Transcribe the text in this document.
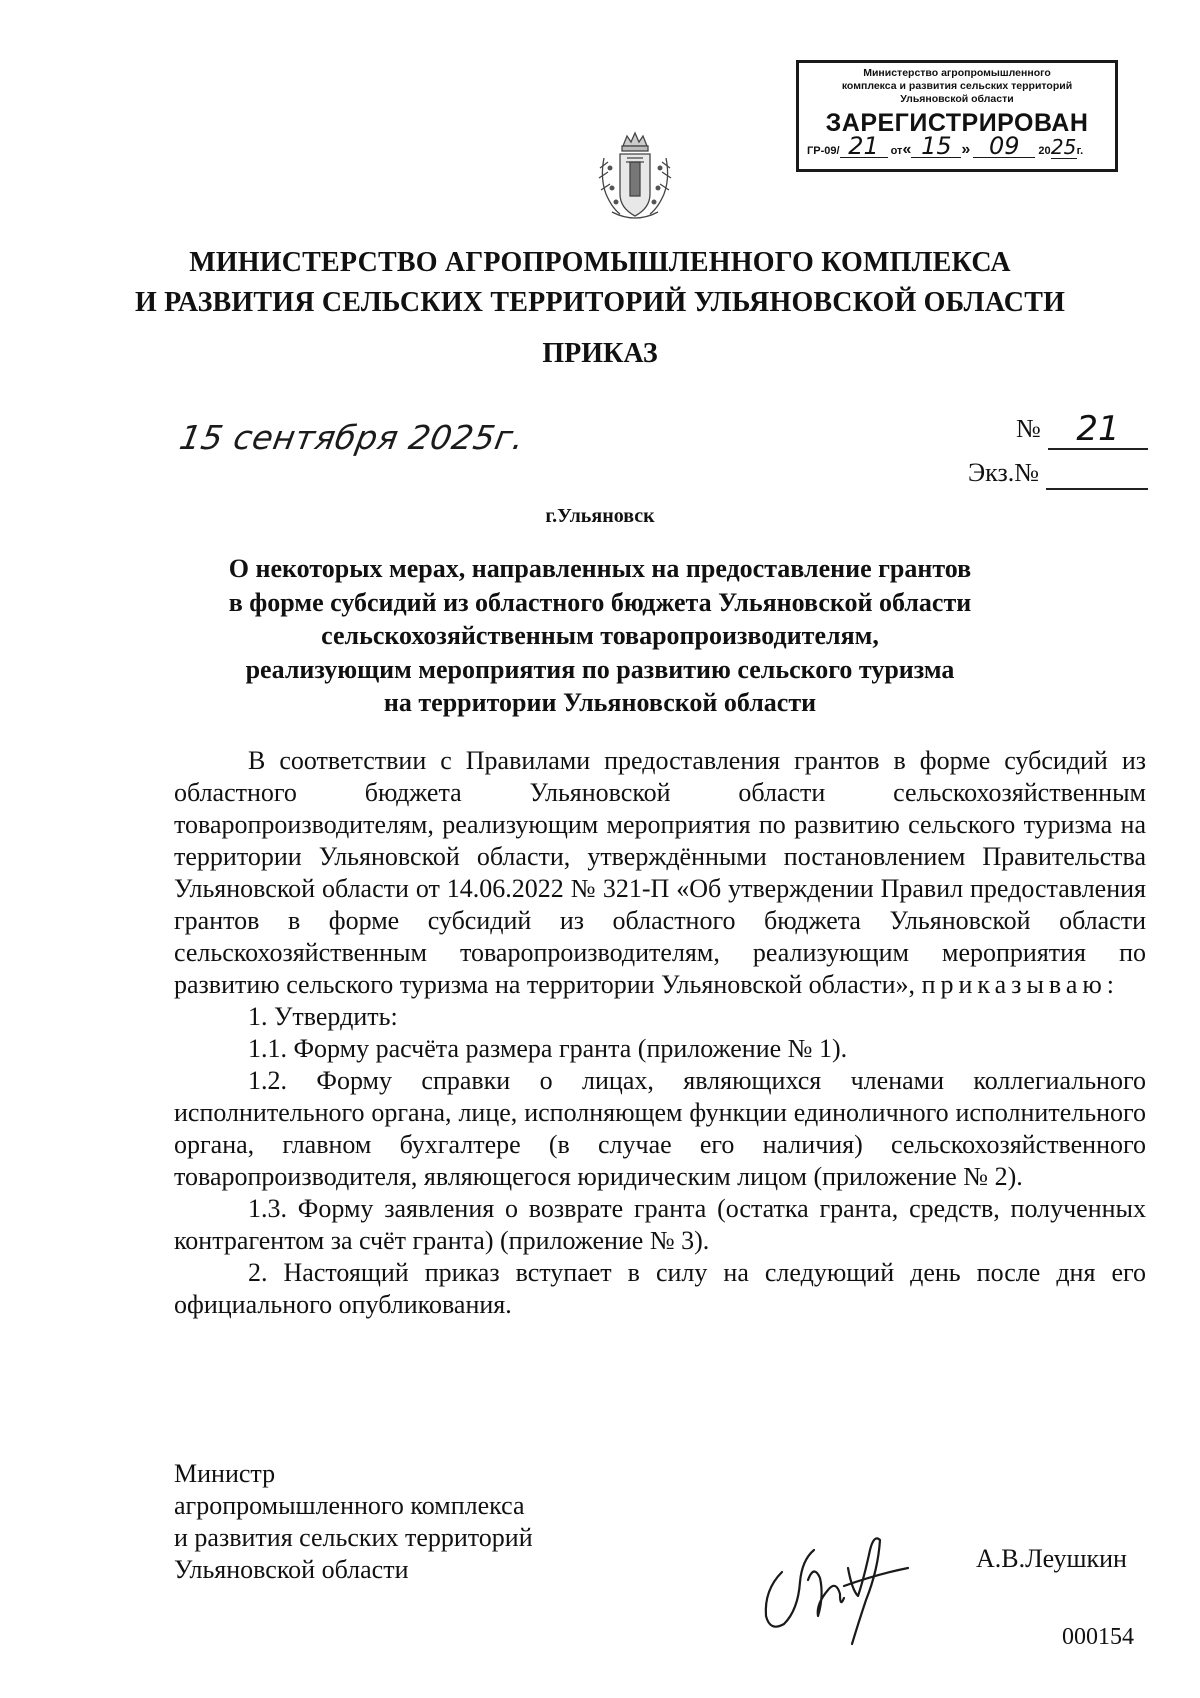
Министерство агропромышленного
комплекса и развития сельских территорий
Ульяновской области
ЗАРЕГИСТРИРОВАН
ГР-09/ 21 от« 15 » 09 2025г.
МИНИСТЕРСТВО АГРОПРОМЫШЛЕННОГО КОМПЛЕКСА
И РАЗВИТИЯ СЕЛЬСКИХ ТЕРРИТОРИЙ УЛЬЯНОВСКОЙ ОБЛАСТИ
ПРИКАЗ
15 сентября 2025г.	№	21
Экз.№
г.Ульяновск
О некоторых мерах, направленных на предоставление грантов
в форме субсидий из областного бюджета Ульяновской области
сельскохозяйственным товаропроизводителям,
реализующим мероприятия по развитию сельского туризма
на территории Ульяновской области

В соответствии с Правилами предоставления грантов в форме субсидий из областного бюджета Ульяновской области сельскохозяйственным товаропроизводителям, реализующим мероприятия по развитию сельского туризма на территории Ульяновской области, утверждёнными постановлением Правительства Ульяновской области от 14.06.2022 № 321-П «Об утверждении Правил предоставления грантов в форме субсидий из областного бюджета Ульяновской области сельскохозяйственным товаропроизводителям, реализующим мероприятия по развитию сельского туризма на территории Ульяновской области», приказываю:

1. Утвердить:

1.1. Форму расчёта размера гранта (приложение № 1).

1.2. Форму справки о лицах, являющихся членами коллегиального исполнительного органа, лице, исполняющем функции единоличного исполнительного органа, главном бухгалтере (в случае его наличия) сельскохозяйственного товаропроизводителя, являющегося юридическим лицом (приложение № 2).

1.3. Форму заявления о возврате гранта (остатка гранта, средств, полученных контрагентом за счёт гранта) (приложение № 3).

2. Настоящий приказ вступает в силу на следующий день после дня его официального опубликования.

Министр
агропромышленного комплекса
и развития сельских территорий
Ульяновской области	А.В.Леушкин
000154
